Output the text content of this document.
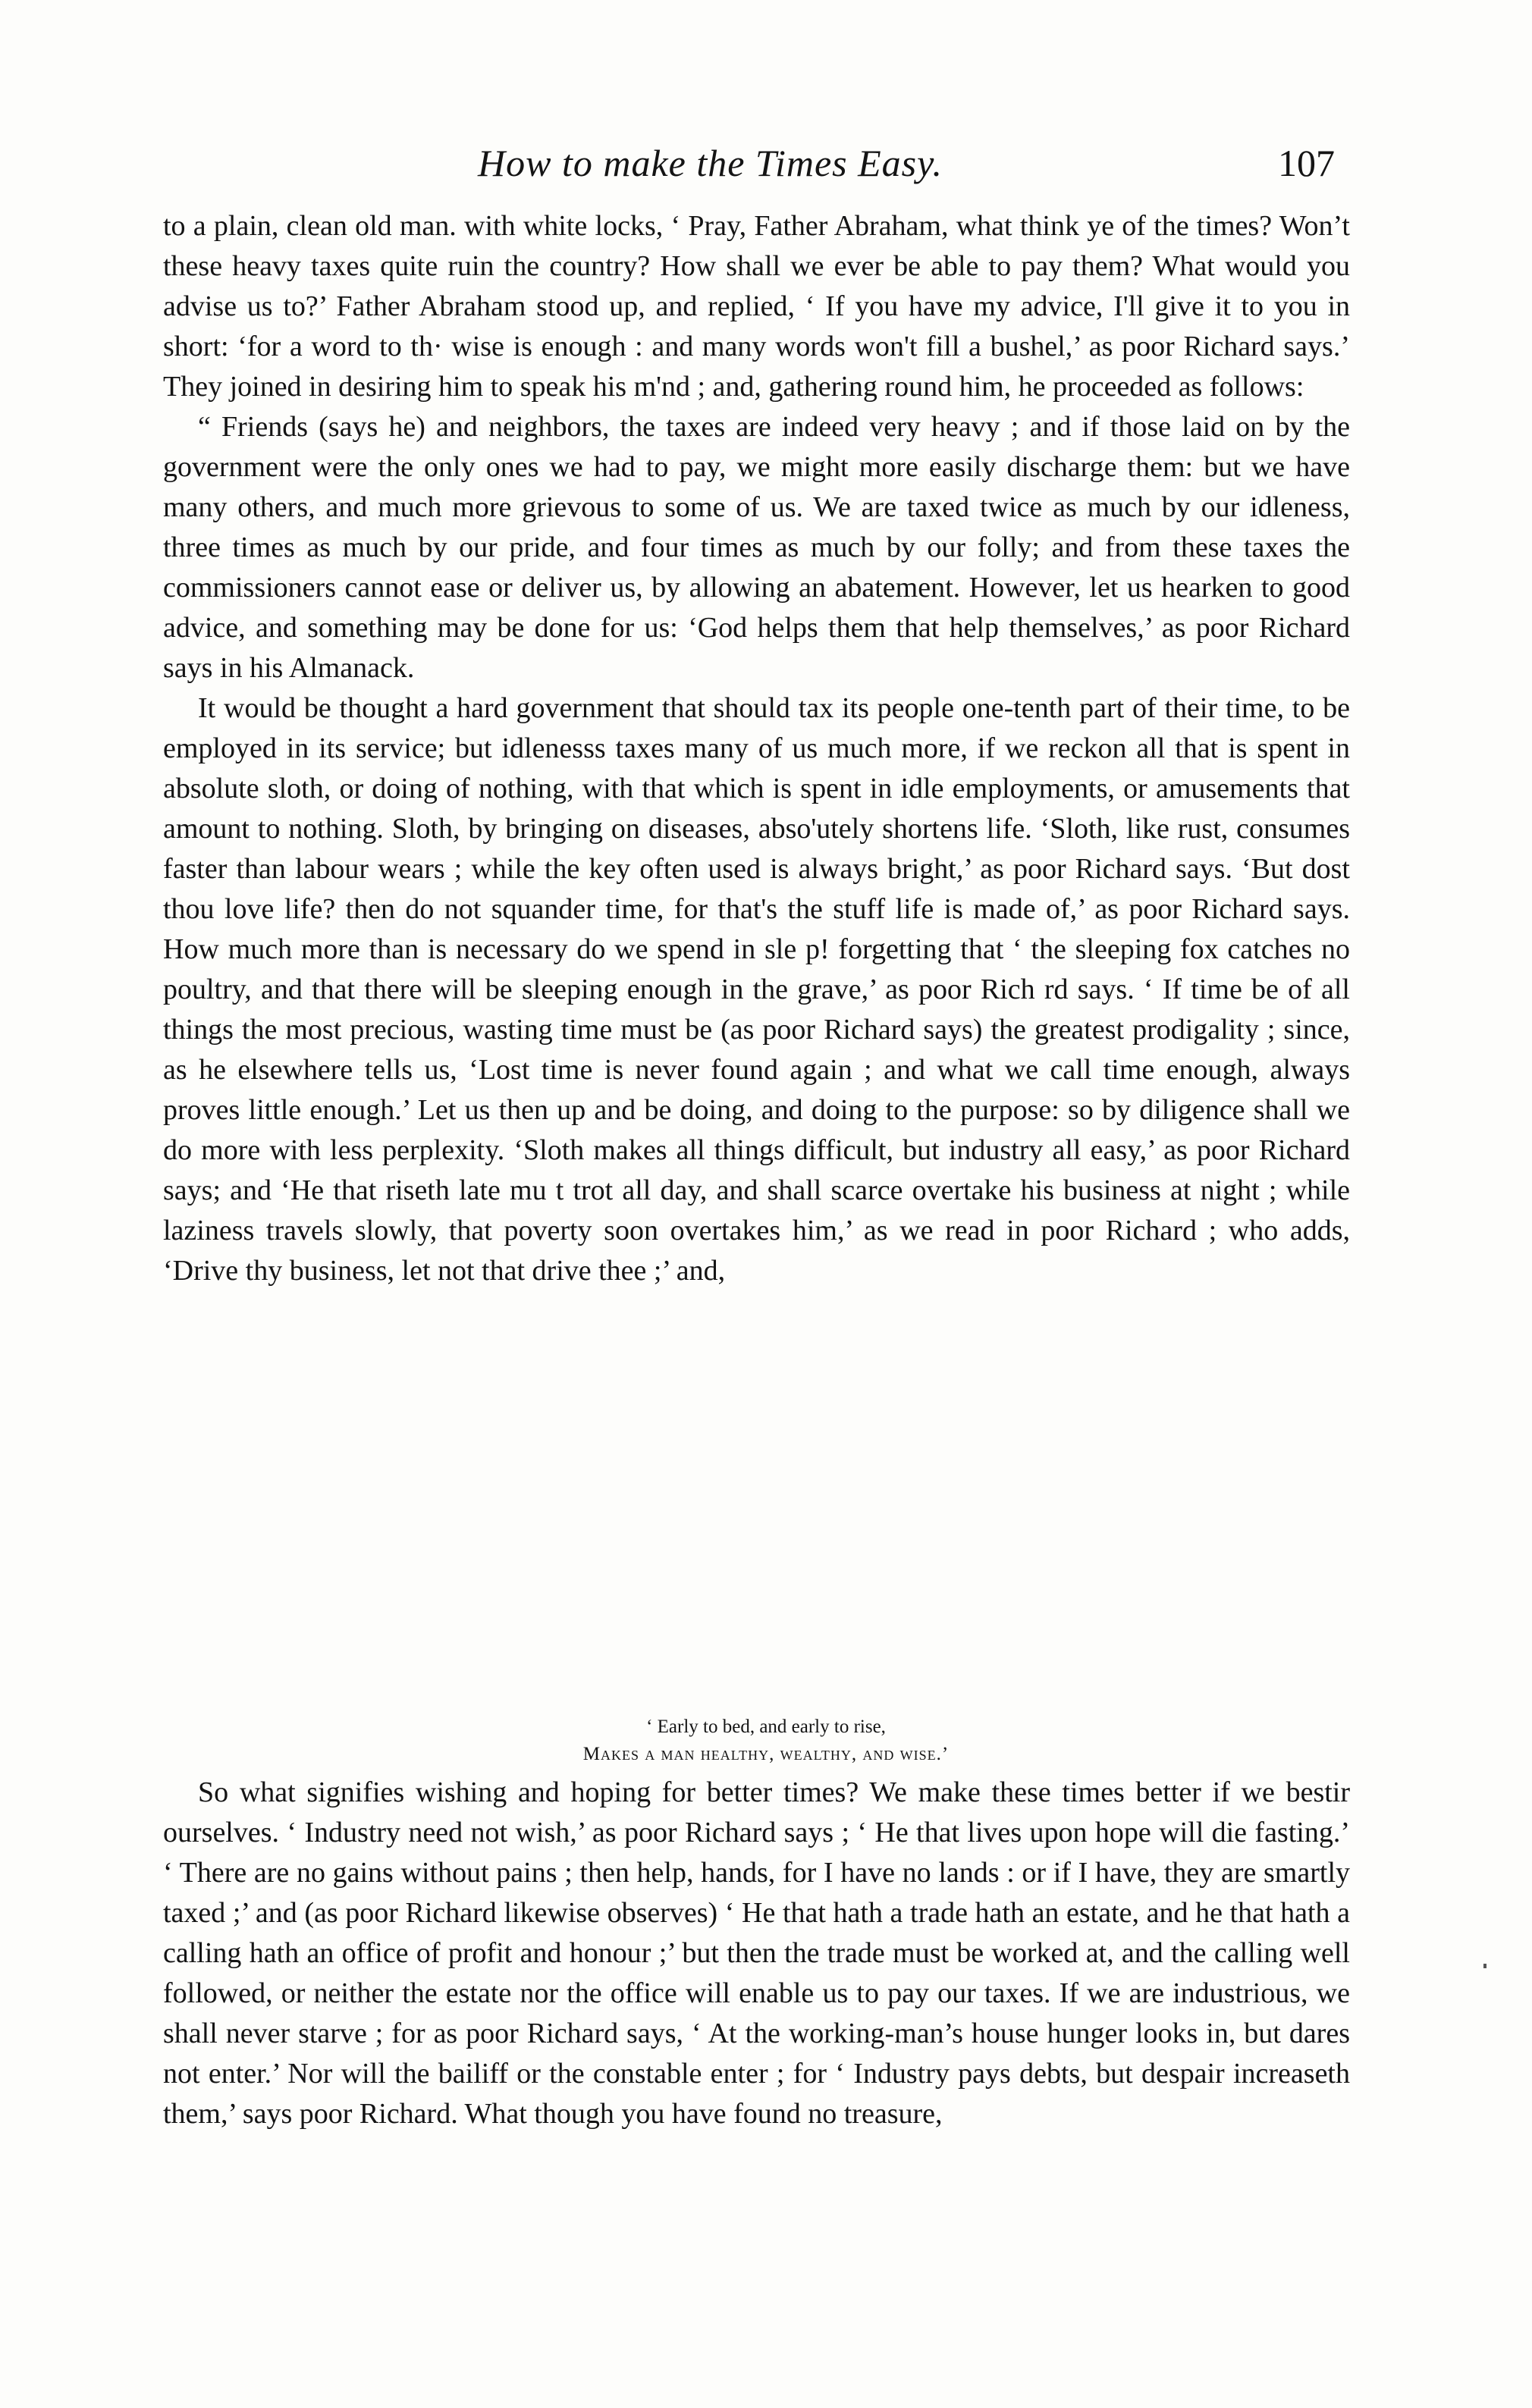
How to make the Times Easy.	107

to a plain, clean old man. with white locks, ‘ Pray, Father Abraham, what think ye of the times? Won’t these heavy taxes quite ruin the country? How shall we ever be able to pay them? What would you advise us to?’ Father Abraham stood up, and replied, ‘ If you have my advice, I'll give it to you in short: ‘for a word to th· wise is enough : and many words won't fill a bushel,’ as poor Richard says.’ They joined in desiring him to speak his m'nd ; and, gathering round him, he proceeded as follows:

“ Friends (says he) and neighbors, the taxes are indeed very heavy ; and if those laid on by the government were the only ones we had to pay, we might more easily discharge them: but we have many others, and much more grievous to some of us. We are taxed twice as much by our idleness, three times as much by our pride, and four times as much by our folly; and from these taxes the commissioners cannot ease or deliver us, by allowing an abatement. However, let us hearken to good advice, and something may be done for us: ‘God helps them that help themselves,’ as poor Richard says in his Almanack.

It would be thought a hard government that should tax its people one-tenth part of their time, to be employed in its service; but idlenesss taxes many of us much more, if we reckon all that is spent in absolute sloth, or doing of nothing, with that which is spent in idle employments, or amusements that amount to nothing. Sloth, by bringing on diseases, abso'utely shortens life. ‘Sloth, like rust, consumes faster than labour wears ; while the key often used is always bright,’ as poor Richard says. ‘But dost thou love life? then do not squander time, for that's the stuff life is made of,’ as poor Richard says. How much more than is necessary do we spend in sle p! forgetting that ‘ the sleeping fox catches no poultry, and that there will be sleeping enough in the grave,’ as poor Rich rd says. ‘ If time be of all things the most precious, wasting time must be (as poor Richard says) the greatest prodigality ; since, as he elsewhere tells us, ‘Lost time is never found again ; and what we call time enough, always proves little enough.’ Let us then up and be doing, and doing to the purpose: so by diligence shall we do more with less perplexity. ‘Sloth makes all things difficult, but industry all easy,’ as poor Richard says; and ‘He that riseth late mu t trot all day, and shall scarce overtake his business at night ; while laziness travels slowly, that poverty soon overtakes him,’ as we read in poor Richard ; who adds, ‘Drive thy business, let not that drive thee ;’ and,

‘ Early to bed, and early to rise,
Makes a man healthy, wealthy, and wise.’

So what signifies wishing and hoping for better times? We make these times better if we bestir ourselves. ‘ Industry need not wish,’ as poor Richard says ; ‘ He that lives upon hope will die fasting.’ ‘ There are no gains without pains ; then help, hands, for I have no lands : or if I have, they are smartly taxed ;’ and (as poor Richard likewise observes) ‘ He that hath a trade hath an estate, and he that hath a calling hath an office of profit and honour ;’ but then the trade must be worked at, and the calling well followed, or neither the estate nor the office will enable us to pay our taxes. If we are industrious, we shall never starve ; for as poor Richard says, ‘ At the working-man’s house hunger looks in, but dares not enter.’ Nor will the bailiff or the constable enter ; for ‘ Industry pays debts, but despair increaseth them,’ says poor Richard. What though you have found no treasure,
